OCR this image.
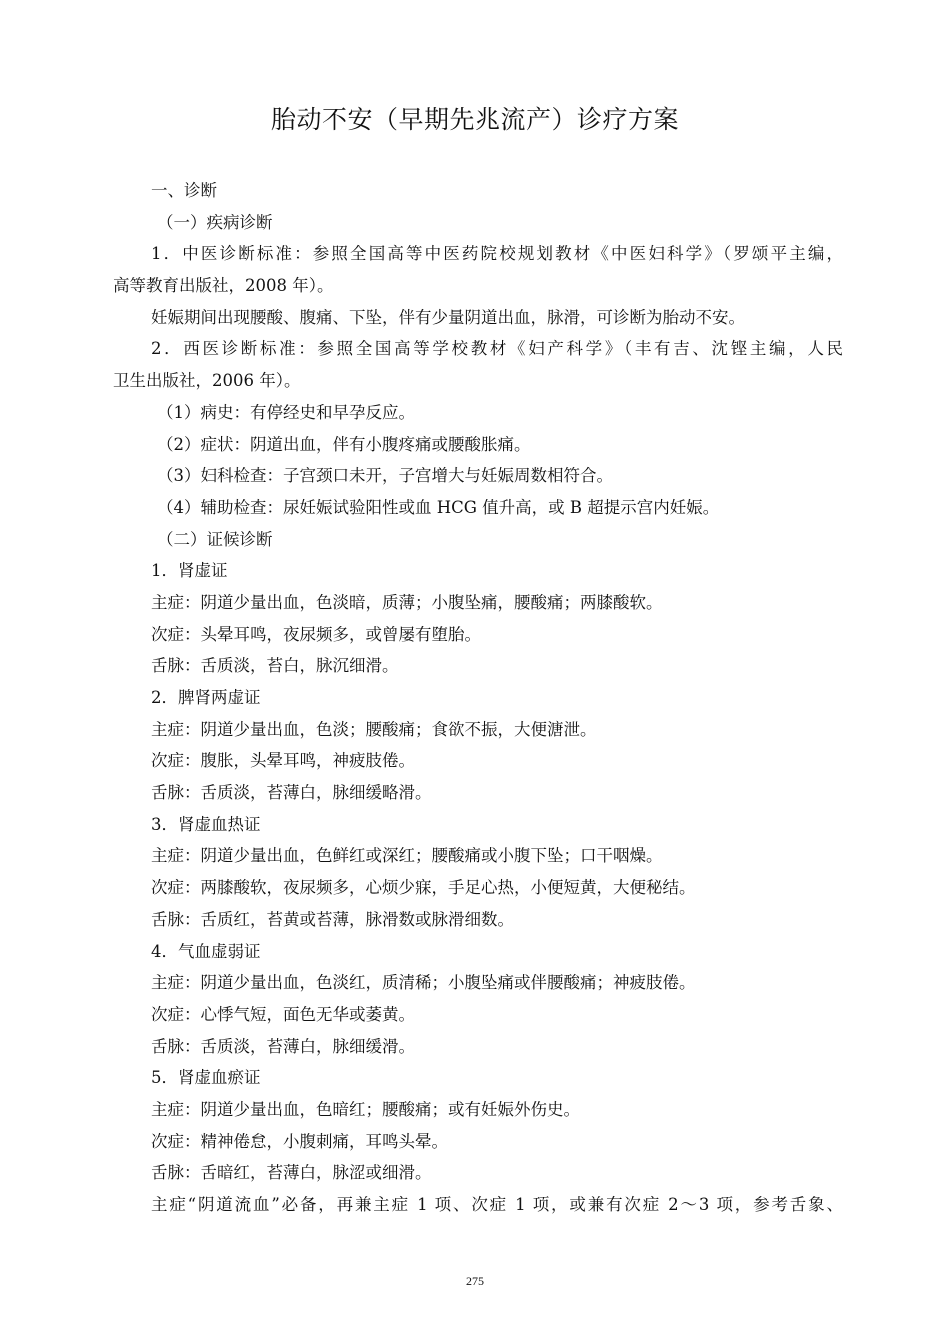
胎动不安（早期先兆流产）诊疗方案
一、诊断
（一）疾病诊断
1．中医诊断标准：参照全国高等中医药院校规划教材《中医妇科学》（罗颂平主编，
高等教育出版社，2008 年）。
妊娠期间出现腰酸、腹痛、下坠，伴有少量阴道出血，脉滑，可诊断为胎动不安。
2．西医诊断标准：参照全国高等学校教材《妇产科学》（丰有吉、沈铿主编，人民
卫生出版社，2006 年）。
（1）病史：有停经史和早孕反应。
（2）症状：阴道出血，伴有小腹疼痛或腰酸胀痛。
（3）妇科检查：子宫颈口未开，子宫增大与妊娠周数相符合。
（4）辅助检查：尿妊娠试验阳性或血 HCG 值升高，或 B 超提示宫内妊娠。
（二）证候诊断
1．肾虚证
主症：阴道少量出血，色淡暗，质薄；小腹坠痛，腰酸痛；两膝酸软。
次症：头晕耳鸣，夜尿频多，或曾屡有堕胎。
舌脉：舌质淡，苔白，脉沉细滑。
2．脾肾两虚证
主症：阴道少量出血，色淡；腰酸痛；食欲不振，大便溏泄。
次症：腹胀，头晕耳鸣，神疲肢倦。
舌脉：舌质淡，苔薄白，脉细缓略滑。
3．肾虚血热证
主症：阴道少量出血，色鲜红或深红；腰酸痛或小腹下坠；口干咽燥。
次症：两膝酸软，夜尿频多，心烦少寐，手足心热，小便短黄，大便秘结。
舌脉：舌质红，苔黄或苔薄，脉滑数或脉滑细数。
4．气血虚弱证
主症：阴道少量出血，色淡红，质清稀；小腹坠痛或伴腰酸痛；神疲肢倦。
次症：心悸气短，面色无华或萎黄。
舌脉：舌质淡，苔薄白，脉细缓滑。
5．肾虚血瘀证
主症：阴道少量出血，色暗红；腰酸痛；或有妊娠外伤史。
次症：精神倦怠，小腹刺痛，耳鸣头晕。
舌脉：舌暗红，苔薄白，脉涩或细滑。
主症“阴道流血”必备，再兼主症 1 项、次症 1 项，或兼有次症 2～3 项，参考舌象、
275
